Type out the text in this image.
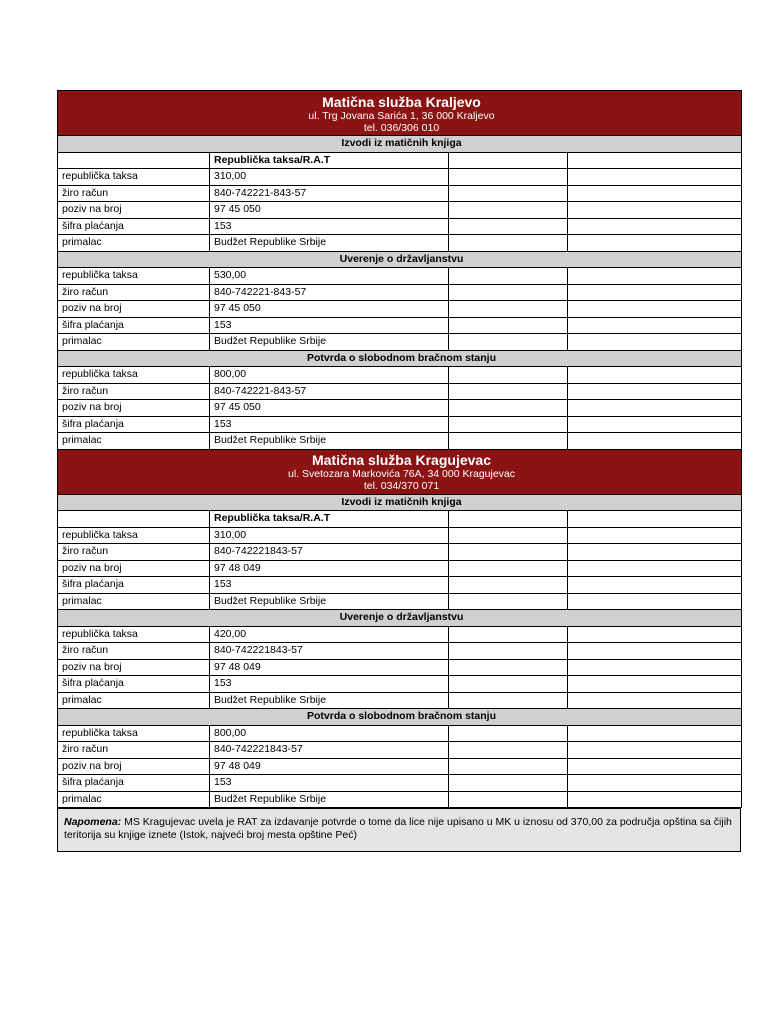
Matična služba Kraljevo
ul. Trg Jovana Sarića 1, 36 000 Kraljevo
tel. 036/306 010			

Izvodi iz matičnih knjiga			
	Republička taksa/R.A.T		
republička taksa	310,00		
žiro račun	840-742221-843-57		
poziv na broj	97 45 050		
šifra plaćanja	153		
primalac	Budžet Republike Srbije		
Uverenje o državljanstvu			
republička taksa	530,00		
žiro račun	840-742221-843-57		
poziv na broj	97 45 050		
šifra plaćanja	153		
primalac	Budžet Republike Srbije		
Potvrda o slobodnom bračnom stanju			
republička taksa	800,00		
žiro račun	840-742221-843-57		
poziv na broj	97 45 050		
šifra plaćanja	153		
primalac	Budžet Republike Srbije		

Matična služba Kragujevac
ul. Svetozara Markovića 76A, 34 000 Kragujevac
tel. 034/370 071			

Izvodi iz matičnih knjiga			
	Republička taksa/R.A.T		
republička taksa	310,00		
žiro račun	840-742221843-57		
poziv na broj	97 48 049		
šifra plaćanja	153		
primalac	Budžet Republike Srbije		
Uverenje o državljanstvu			
republička taksa	420,00		
žiro račun	840-742221843-57		
poziv na broj	97 48 049		
šifra plaćanja	153		
primalac	Budžet Republike Srbije		
Potvrda o slobodnom bračnom stanju			
republička taksa	800,00		
žiro račun	840-742221843-57		
poziv na broj	97 48 049		
šifra plaćanja	153		
primalac	Budžet Republike Srbije		
Napomena: MS Kragujevac uvela je RAT za izdavanje potvrde o tome da lice nije upisano u MK u iznosu od 370,00 za područja opština sa čijih teritorija su knjige iznete (Istok, najveći broj mesta opštine Peć)
